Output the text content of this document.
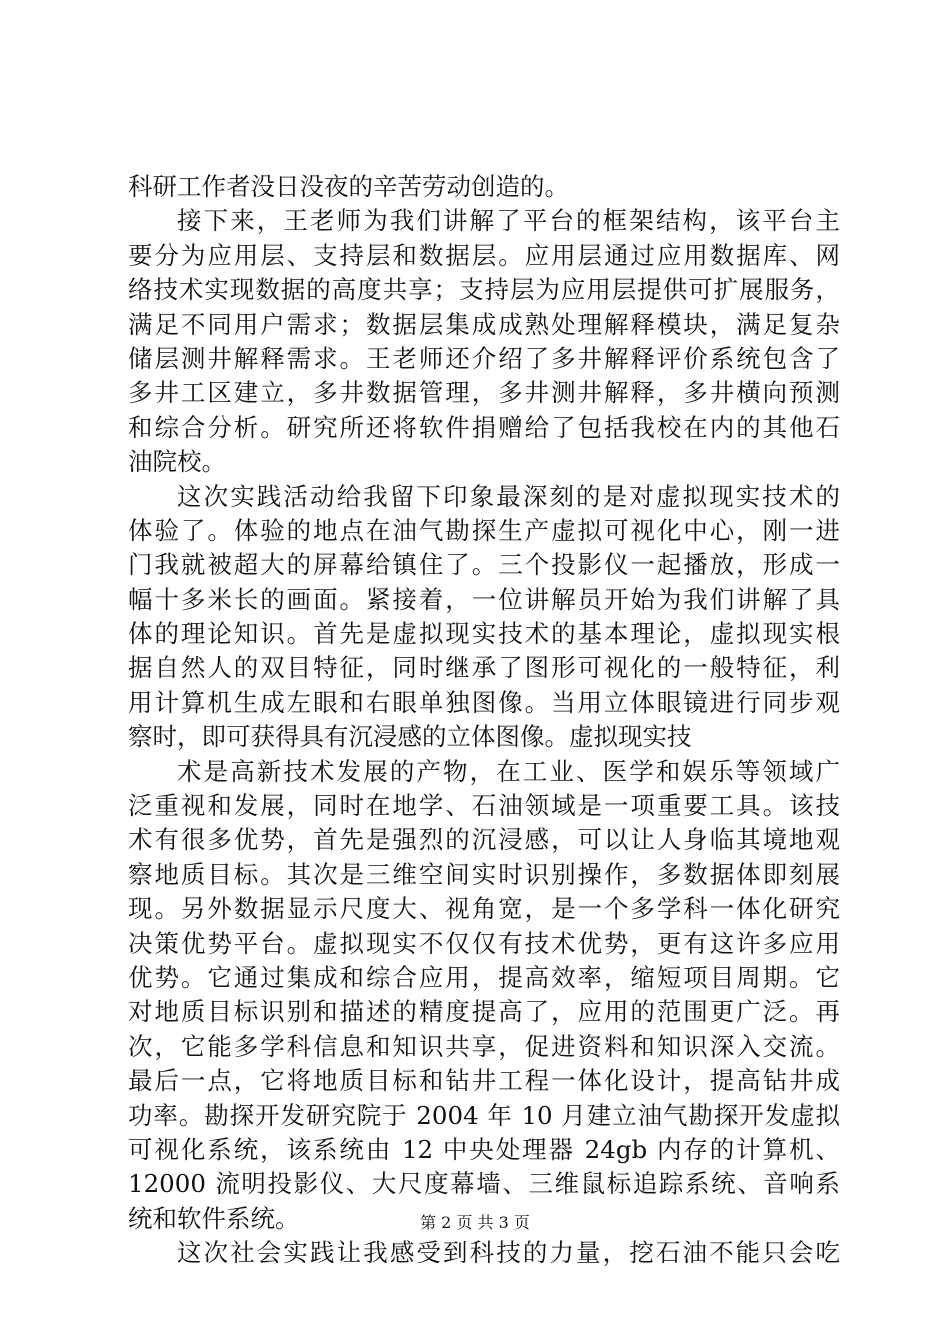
科研工作者没日没夜的辛苦劳动创造的。
接下来，王老师为我们讲解了平台的框架结构，该平台主
要分为应用层、支持层和数据层。应用层通过应用数据库、网
络技术实现数据的高度共享；支持层为应用层提供可扩展服务，
满足不同用户需求；数据层集成成熟处理解释模块，满足复杂
储层测井解释需求。王老师还介绍了多井解释评价系统包含了
多井工区建立，多井数据管理，多井测井解释，多井横向预测
和综合分析。研究所还将软件捐赠给了包括我校在内的其他石
油院校。
这次实践活动给我留下印象最深刻的是对虚拟现实技术的
体验了。体验的地点在油气勘探生产虚拟可视化中心，刚一进
门我就被超大的屏幕给镇住了。三个投影仪一起播放，形成一
幅十多米长的画面。紧接着，一位讲解员开始为我们讲解了具
体的理论知识。首先是虚拟现实技术的基本理论，虚拟现实根
据自然人的双目特征，同时继承了图形可视化的一般特征，利
用计算机生成左眼和右眼单独图像。当用立体眼镜进行同步观
察时，即可获得具有沉浸感的立体图像。虚拟现实技
术是高新技术发展的产物，在工业、医学和娱乐等领域广
泛重视和发展，同时在地学、石油领域是一项重要工具。该技
术有很多优势，首先是强烈的沉浸感，可以让人身临其境地观
察地质目标。其次是三维空间实时识别操作，多数据体即刻展
现。另外数据显示尺度大、视角宽，是一个多学科一体化研究
决策优势平台。虚拟现实不仅仅有技术优势，更有这许多应用
优势。它通过集成和综合应用，提高效率，缩短项目周期。它
对地质目标识别和描述的精度提高了，应用的范围更广泛。再
次，它能多学科信息和知识共享，促进资料和知识深入交流。
最后一点，它将地质目标和钻井工程一体化设计，提高钻井成
功率。勘探开发研究院于 2004 年 10 月建立油气勘探开发虚拟
可视化系统，该系统由 12 中央处理器 24gb 内存的计算机、
12000 流明投影仪、大尺度幕墙、三维鼠标追踪系统、音响系
统和软件系统。
这次社会实践让我感受到科技的力量，挖石油不能只会吃
第 2 页 共 3 页
